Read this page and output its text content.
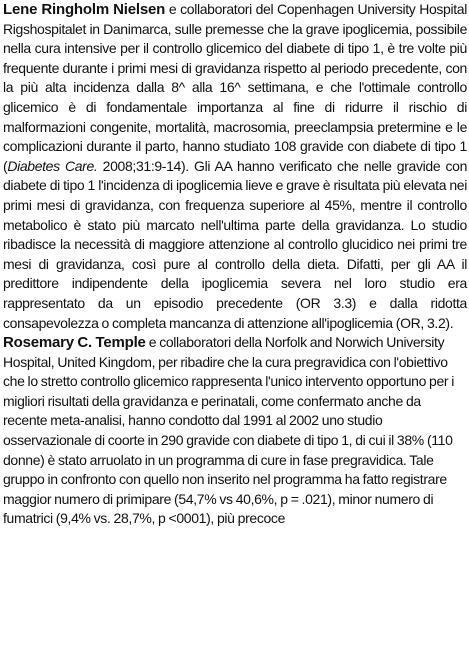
Lene Ringholm Nielsen e collaboratori del Copenhagen University Hospital Rigshospitalet in Danimarca, sulle premesse che la grave ipoglicemia, possibile nella cura intensive per il controllo glicemico del diabete di tipo 1, è tre volte più frequente durante i primi mesi di gravidanza rispetto al periodo precedente, con la più alta incidenza dalla 8^ alla 16^ settimana, e che l'ottimale controllo glicemico è di fondamentale importanza al fine di ridurre il rischio di malformazioni congenite, mortalità, macrosomia, preeclampsia pretermine e le complicazioni durante il parto, hanno studiato 108 gravide con diabete di tipo 1 (Diabetes Care. 2008;31:9-14). Gli AA hanno verificato che nelle gravide con diabete di tipo 1 l'incidenza di ipoglicemia lieve e grave è risultata più elevata nei primi mesi di gravidanza, con frequenza superiore al 45%, mentre il controllo metabolico è stato più marcato nell'ultima parte della gravidanza. Lo studio ribadisce la necessità di maggiore attenzione al controllo glucidico nei primi tre mesi di gravidanza, così pure al controllo della dieta. Difatti, per gli AA il predittore indipendente della ipoglicemia severa nel loro studio era rappresentato da un episodio precedente (OR 3.3) e dalla ridotta consapevolezza o completa mancanza di attenzione all'ipoglicemia (OR, 3.2).

Rosemary C. Temple e collaboratori della Norfolk and Norwich University Hospital, United Kingdom, per ribadire che la cura pregravidica con l'obiettivo che lo stretto controllo glicemico rappresenta l'unico intervento opportuno per i migliori risultati della gravidanza e perinatali, come confermato anche da recente meta-analisi, hanno condotto dal 1991 al 2002 uno studio osservazionale di coorte in 290 gravide con diabete di tipo 1, di cui il 38% (110 donne) è stato arruolato in un programma di cure in fase pregravidica. Tale gruppo in confronto con quello non inserito nel programma ha fatto registrare maggior numero di primipare (54,7% vs 40,6%, p = .021), minor numero di fumatrici (9,4% vs. 28,7%, p <0001), più precoce
